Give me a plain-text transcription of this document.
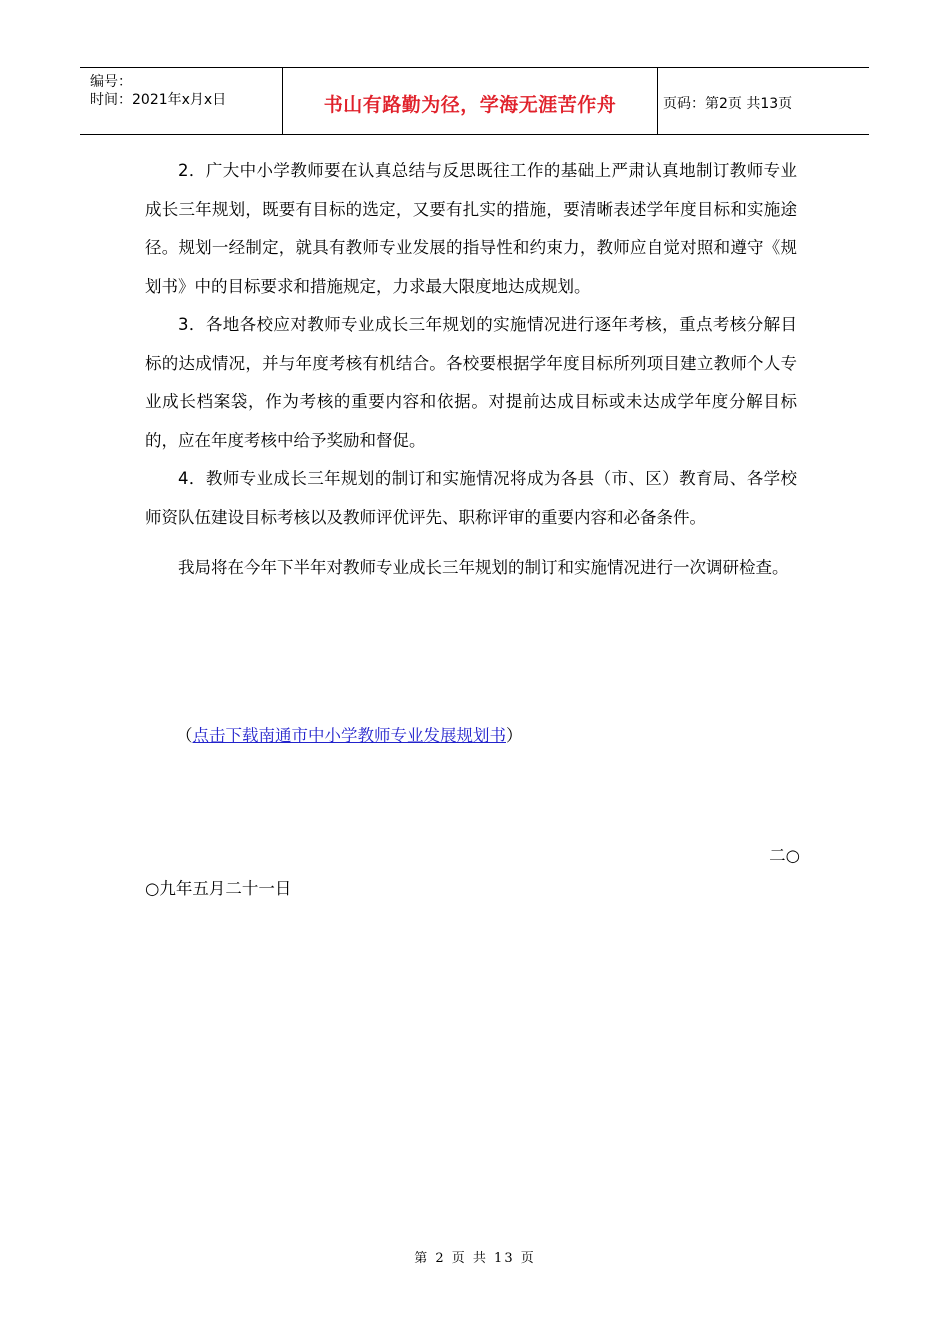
编号：
时间：2021年x月x日	书山有路勤为径，学海无涯苦作舟	页码：第2页 共13页

2．广大中小学教师要在认真总结与反思既往工作的基础上严肃认真地制订教师专业成长三年规划，既要有目标的选定，又要有扎实的措施，要清晰表述学年度目标和实施途径。规划一经制定，就具有教师专业发展的指导性和约束力，教师应自觉对照和遵守《规划书》中的目标要求和措施规定，力求最大限度地达成规划。

3．各地各校应对教师专业成长三年规划的实施情况进行逐年考核，重点考核分解目标的达成情况，并与年度考核有机结合。各校要根据学年度目标所列项目建立教师个人专业成长档案袋，作为考核的重要内容和依据。对提前达成目标或未达成学年度分解目标的，应在年度考核中给予奖励和督促。

4．教师专业成长三年规划的制订和实施情况将成为各县（市、区）教育局、各学校师资队伍建设目标考核以及教师评优评先、职称评审的重要内容和必备条件。

我局将在今年下半年对教师专业成长三年规划的制订和实施情况进行一次调研检查。

（点击下载南通市中小学教师专业发展规划书）
二○
○九年五月二十一日
第 2 页 共 13 页
